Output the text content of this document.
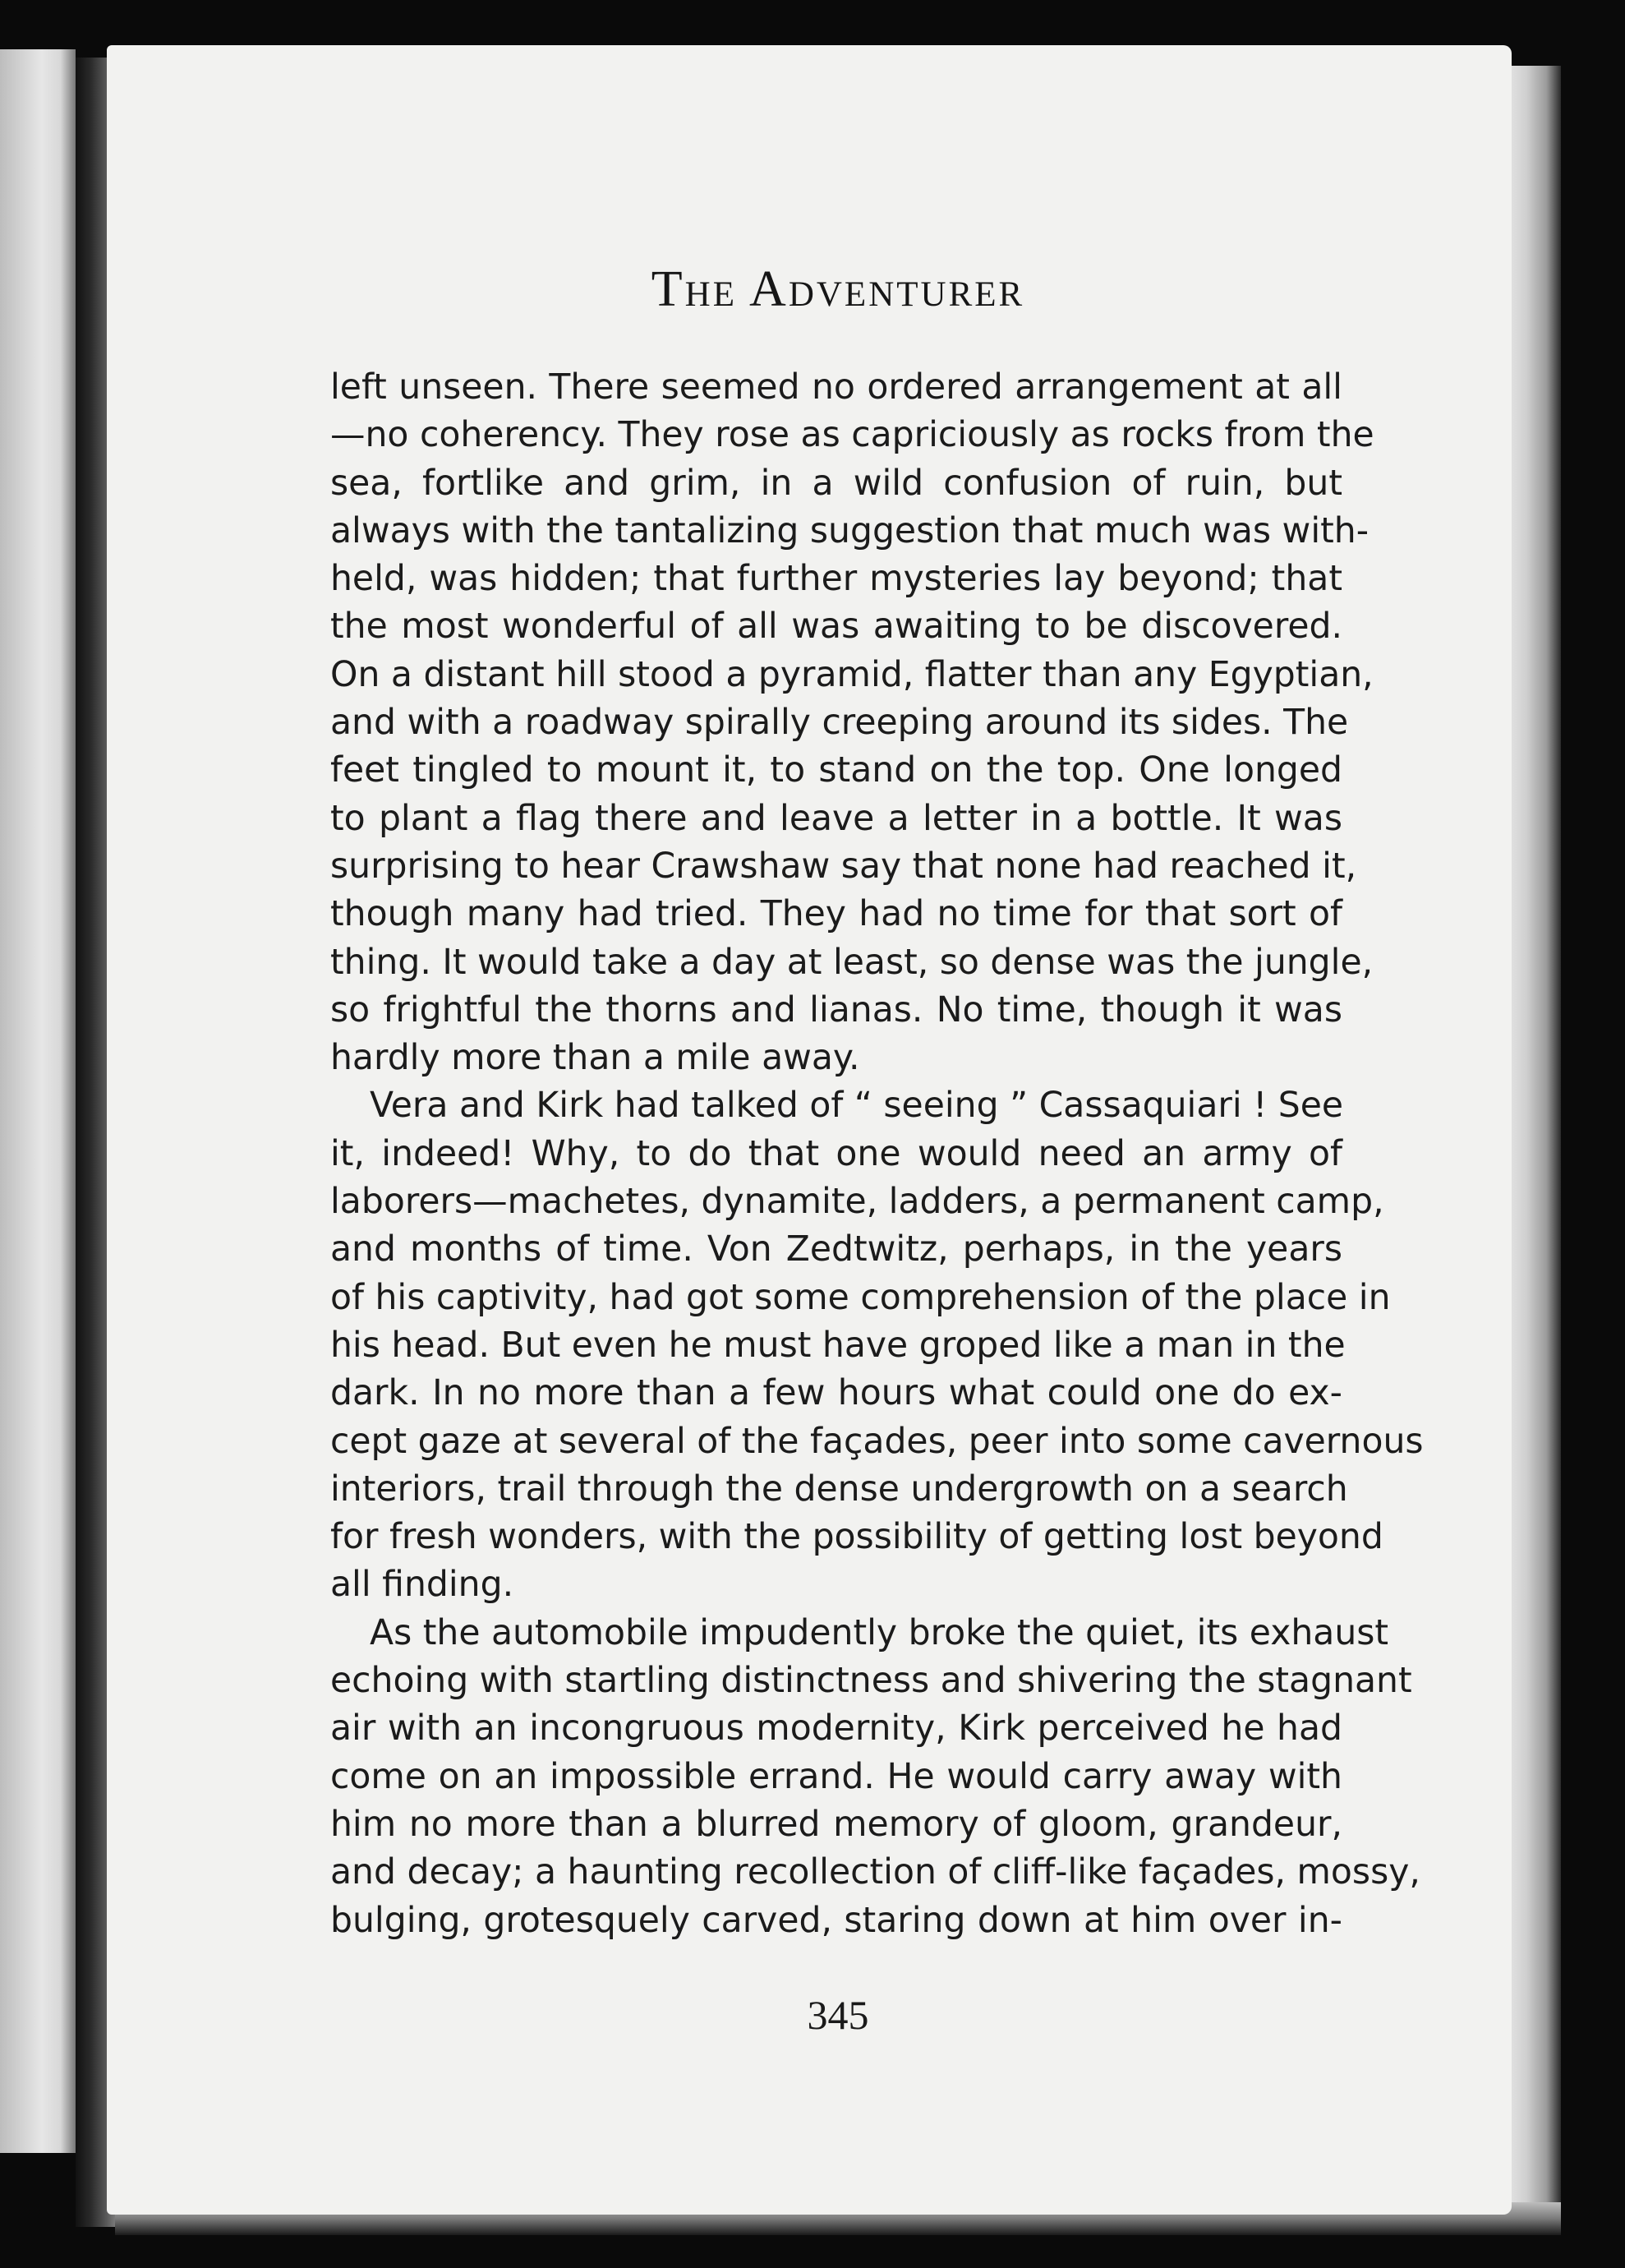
The Adventurer
left unseen. There seemed no ordered arrangement at all
—no coherency. They rose as capriciously as rocks from the
sea, fortlike and grim, in a wild confusion of ruin, but
always with the tantalizing suggestion that much was with-
held, was hidden; that further mysteries lay beyond; that
the most wonderful of all was awaiting to be discovered.
On a distant hill stood a pyramid, flatter than any Egyptian,
and with a roadway spirally creeping around its sides. The
feet tingled to mount it, to stand on the top. One longed
to plant a flag there and leave a letter in a bottle. It was
surprising to hear Crawshaw say that none had reached it,
though many had tried. They had no time for that sort of
thing. It would take a day at least, so dense was the jungle,
so frightful the thorns and lianas. No time, though it was
hardly more than a mile away.
Vera and Kirk had talked of “ seeing ” Cassaquiari ! See
it, indeed! Why, to do that one would need an army of
laborers—machetes, dynamite, ladders, a permanent camp,
and months of time. Von Zedtwitz, perhaps, in the years
of his captivity, had got some comprehension of the place in
his head. But even he must have groped like a man in the
dark. In no more than a few hours what could one do ex-
cept gaze at several of the façades, peer into some cavernous
interiors, trail through the dense undergrowth on a search
for fresh wonders, with the possibility of getting lost beyond
all finding.
As the automobile impudently broke the quiet, its exhaust
echoing with startling distinctness and shivering the stagnant
air with an incongruous modernity, Kirk perceived he had
come on an impossible errand. He would carry away with
him no more than a blurred memory of gloom, grandeur,
and decay; a haunting recollection of cliff-like façades, mossy,
bulging, grotesquely carved, staring down at him over in-
345
